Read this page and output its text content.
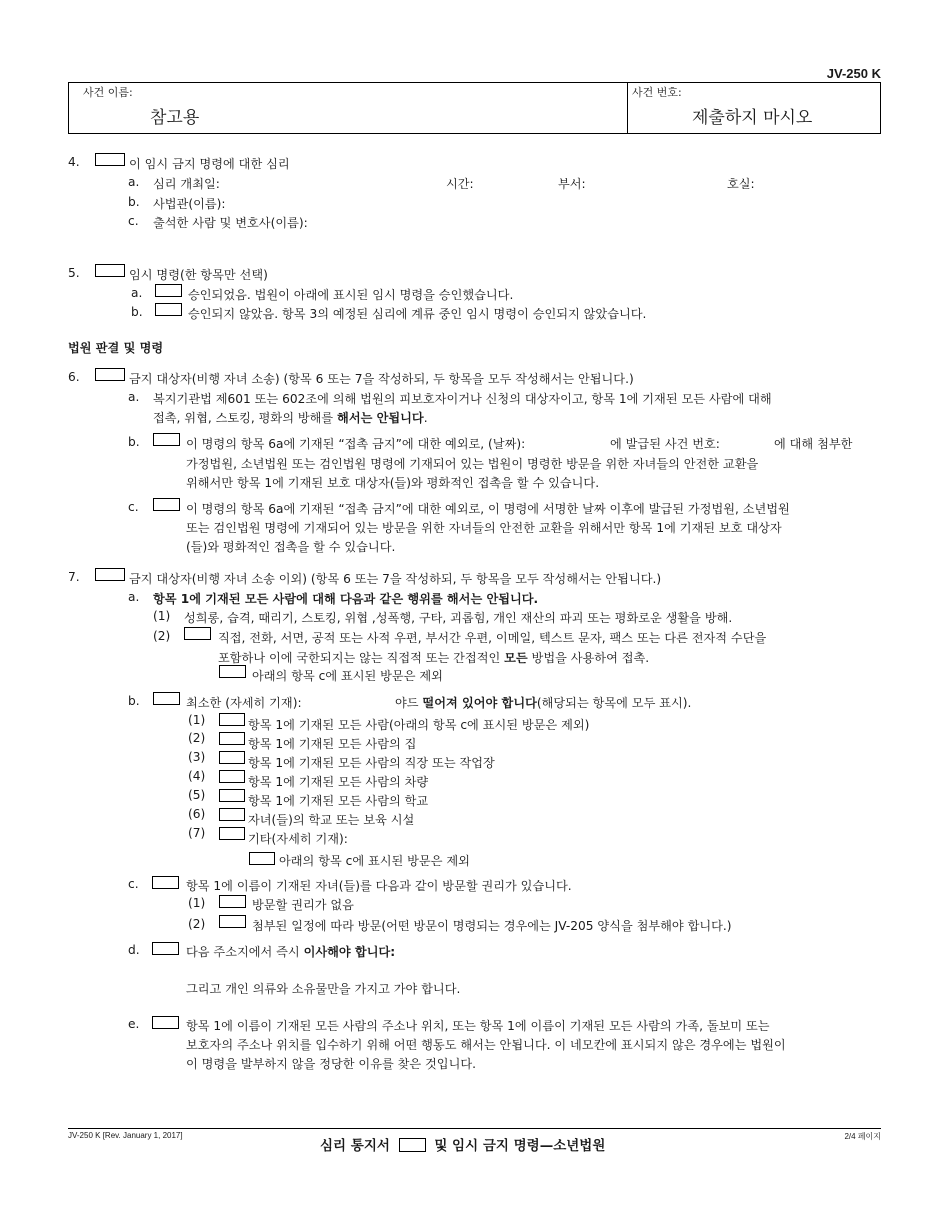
JV-250 K
사건 이름:
참고용
사건 번호:
제출하지 마시오
4.	이 임시 금지 명령에 대한 심리
a. 심리 개최일:	시간:	부서:	호실:
b. 사법관(이름):
c. 출석한 사람 및 변호사(이름):
5.	임시 명령(한 항목만 선택)
a.	승인되었음. 법원이 아래에 표시된 임시 명령을 승인했습니다.
b.	승인되지 않았음. 항목 3의 예정된 심리에 계류 중인 임시 명령이 승인되지 않았습니다.
법원 판결 및 명령
6.	금지 대상자(비행 자녀 소송) (항목 6 또는 7을 작성하되, 두 항목을 모두 작성해서는 안됩니다.)
a. 복지기관법 제601 또는 602조에 의해 법원의 피보호자이거나 신청의 대상자이고, 항목 1에 기재된 모든 사람에 대해
접촉, 위협, 스토킹, 평화의 방해를 해서는 안됩니다.
b.	이 명령의 항목 6a에 기재된 “접촉 금지”에 대한 예외로, (날짜):	에 발급된 사건 번호:	에 대해 첨부한
가정법원, 소년법원 또는 검인법원 명령에 기재되어 있는 법원이 명령한 방문을 위한 자녀들의 안전한 교환을
위해서만 항목 1에 기재된 보호 대상자(들)와 평화적인 접촉을 할 수 있습니다.
c.	이 명령의 항목 6a에 기재된 “접촉 금지”에 대한 예외로, 이 명령에 서명한 날짜 이후에 발급된 가정법원, 소년법원
또는 검인법원 명령에 기재되어 있는 방문을 위한 자녀들의 안전한 교환을 위해서만 항목 1에 기재된 보호 대상자
(들)와 평화적인 접촉을 할 수 있습니다.
7.	금지 대상자(비행 자녀 소송 이외) (항목 6 또는 7을 작성하되, 두 항목을 모두 작성해서는 안됩니다.)
a. 항목 1에 기재된 모든 사람에 대해 다음과 같은 행위를 해서는 안됩니다.
(1) 성희롱, 습격, 때리기, 스토킹, 위협 ,성폭행, 구타, 괴롭힘, 개인 재산의 파괴 또는 평화로운 생활을 방해.
(2)	직접, 전화, 서면, 공적 또는 사적 우편, 부서간 우편, 이메일, 텍스트 문자, 팩스 또는 다른 전자적 수단을
포함하나 이에 국한되지는 않는 직접적 또는 간접적인 모든 방법을 사용하여 접촉.
아래의 항목 c에 표시된 방문은 제외
b.	최소한 (자세히 기재):	야드 떨어져 있어야 합니다(해당되는 항목에 모두 표시).
(1)	항목 1에 기재된 모든 사람(아래의 항목 c에 표시된 방문은 제외)
(2)	항목 1에 기재된 모든 사람의 집
(3)	항목 1에 기재된 모든 사람의 직장 또는 작업장
(4)	항목 1에 기재된 모든 사람의 차량
(5)	항목 1에 기재된 모든 사람의 학교
(6)	자녀(들)의 학교 또는 보육 시설
(7)	기타(자세히 기재):
아래의 항목 c에 표시된 방문은 제외
c.	항목 1에 이름이 기재된 자녀(들)를 다음과 같이 방문할 권리가 있습니다.
(1)	방문할 권리가 없음
(2)	첨부된 일정에 따라 방문(어떤 방문이 명령되는 경우에는 JV-205 양식을 첨부해야 합니다.)
d.	다음 주소지에서 즉시 이사해야 합니다:
그리고 개인 의류와 소유물만을 가지고 가야 합니다.
e.	항목 1에 이름이 기재된 모든 사람의 주소나 위치, 또는 항목 1에 이름이 기재된 모든 사람의 가족, 돌보미 또는
보호자의 주소나 위치를 입수하기 위해 어떤 행동도 해서는 안됩니다. 이 네모칸에 표시되지 않은 경우에는 법원이
이 명령을 발부하지 않을 정당한 이유를 찾은 것입니다.
JV-250 K [Rev. January 1, 2017]
심리 통지서	및 임시 금지 명령—소년법원
2/4 페이지
